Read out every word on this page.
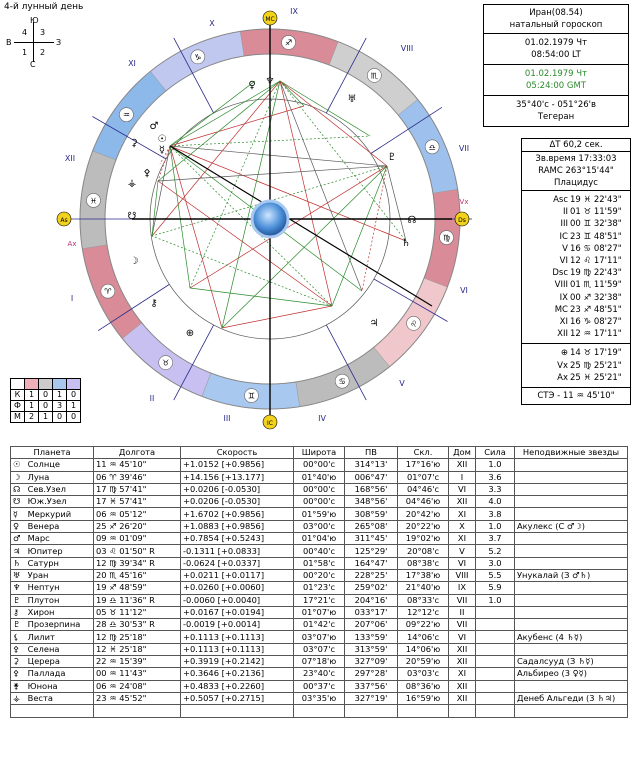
4-й лунный день
Ю
С
В	З
4 3
1 2
♍
♌
♋
♊
♉
♈
♓
♒
♑
♐
♏
♎
I
II
III	IV
V
VI
VII
VIII
IX
X
XI
XII
MC
IC
As	Ds
Vx
Ax
☉
♂
☿
⚳
⚴
⚶
☋
☽
⚷
⊕
♀ ♆
♅
♄
☊
♃
♇
Иран(08.54)
натальный гороскоп
01.02.1979 Чт
08:54:00 LT
01.02.1979 Чт
05:24:00 GMT
35°40'с - 051°26'в
Тегеран
ΔT 60,2 сек.
Зв.время 17:33:03
RAMC 263°15'44"
Плацидус
Asc 19 ♓ 22'43"
II 01 ♉ 11'59"
III 00 ♊ 32'38"
IC 23 ♊ 48'51"
V 16 ♋ 08'27"
VI 12 ♌ 17'11"
Dsc 19 ♍ 22'43"
VIII 01 ♏ 11'59"
IX 00 ♐ 32'38"
MC 23 ♐ 48'51"
XI 16 ♑ 08'27"
XII 12 ♒ 17'11"
⊕ 14 ♉ 17'19"
Vx 25 ♍ 25'21"
Ax 25 ♓ 25'21"
СТЭ - 11 ♒ 45'10"

К	1	0	1	0
Ф	1	0	3	1
М	2	1	0	0
Планета	Долгота	Скорость	Широта	ПВ	Скл.	Дом	Сила	Неподвижные звезды
☉ Солнце	11 ♒ 45'10"	+1.0152 [+0.9856]	00°00'с	314°13'	17°16'ю	XII	1.0	
☽ Луна	06 ♈ 39'46"	+14.156 [+13.177]	01°40'ю	006°47'	01°07'с	I	3.6	
☊ Сев.Узел	17 ♍ 57'41"	+0.0206 [-0.0530]	00°00'с	168°56'	04°46'с	VI	3.3	
☋ Юж.Узел	17 ♓ 57'41"	+0.0206 [-0.0530]	00°00'с	348°56'	04°46'ю	XII	4.0	
☿ Меркурий	06 ♒ 05'12"	+1.6702 [+0.9856]	01°59'ю	308°59'	20°42'ю	XI	3.8	
♀ Венера	25 ♐ 26'20"	+1.0883 [+0.9856]	03°00'с	265°08'	20°22'ю	X	1.0	Акулекс (С ♂☽)
♂ Марс	09 ♒ 01'09"	+0.7854 [+0.5243]	01°04'ю	311°45'	19°02'ю	XI	3.7	
♃ Юпитер	03 ♌ 01'50" R	-0.1311 [+0.0833]	00°40'с	125°29'	20°08'с	V	5.2	
♄ Сатурн	12 ♍ 39'34" R	-0.0624 [+0.0337]	01°58'с	164°47'	08°38'с	VI	3.0	
♅ Уран	20 ♏ 45'16"	+0.0211 [+0.0117]	00°20'с	228°25'	17°38'ю	VIII	5.5	Унукалай (З ♂♄)
♆ Нептун	19 ♐ 48'59"	+0.0260 [+0.0060]	01°23'с	259°02'	21°40'ю	IX	5.9	
♇ Плутон	19 ♎ 11'36" R	-0.0060 [+0.0040]	17°21'с	204°16'	08°33'с	VII	1.0	
⚷ Хирон	05 ♉ 11'12"	+0.0167 [+0.0194]	01°07'ю	033°17'	12°12'с	II		
♇ Прозерпина	28 ♎ 30'53" R	-0.0019 [+0.0014]	01°42'с	207°06'	09°22'ю	VII		
⚸ Лилит	12 ♍ 25'18"	+0.1113 [+0.1113]	03°07'ю	133°59'	14°06'с	VI		Акубенс (4 ♄☿)
⚴ Селена	12 ♓ 25'18"	+0.1113 [+0.1113]	03°07'с	313°59'	14°06'ю	XII		
⚳ Церера	22 ♒ 15'39"	+0.3919 [+0.2142]	07°18'ю	327°09'	20°59'ю	XII		Садалсууд (З ♄☿)
⚴ Паллада	00 ♒ 11'43"	+0.3646 [+0.2136]	23°40'с	297°28'	03°03'с	XI		Альбирео (3 ♀☿)
⚵ Юнона	06 ♒ 24'08"	+0.4833 [+0.2260]	00°37'с	337°56'	08°36'ю	XII		
⚶ Веста	23 ♒ 45'52"	+0.5057 [+0.2715]	03°35'ю	327°19'	16°59'ю	XII		Денеб Альгеди (3 ♄♃)
